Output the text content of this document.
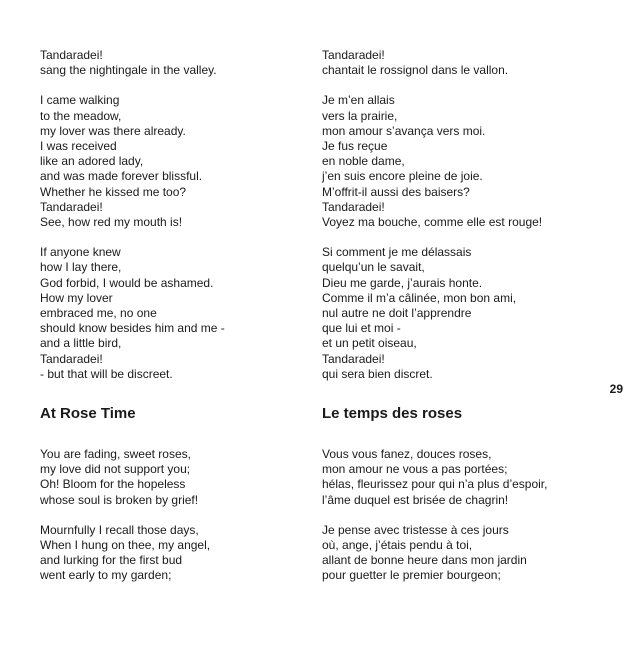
Tandaradei!
sang the nightingale in the valley.
I came walking
to the meadow,
my lover was there already.
I was received
like an adored lady,
and was made forever blissful.
Whether he kissed me too?
Tandaradei!
See, how red my mouth is!
If anyone knew
how I lay there,
God forbid, I would be ashamed.
How my lover
embraced me, no one
should know besides him and me -
and a little bird,
Tandaradei!
- but that will be discreet.
At Rose Time
You are fading, sweet roses,
my love did not support you;
Oh! Bloom for the hopeless
whose soul is broken by grief!
Mournfully I recall those days,
When I hung on thee, my angel,
and lurking for the first bud
went early to my garden;
Tandaradei!
chantait le rossignol dans le vallon.
Je m’en allais
vers la prairie,
mon amour s’avança vers moi.
Je fus reçue
en noble dame,
j’en suis encore pleine de joie.
M’offrit-il aussi des baisers?
Tandaradei!
Voyez ma bouche, comme elle est rouge!
Si comment je me délassais
quelqu’un le savait,
Dieu me garde, j’aurais honte.
Comme il m’a câlinée, mon bon ami,
nul autre ne doit l’apprendre
que lui et moi -
et un petit oiseau,
Tandaradei!
qui sera bien discret.
Le temps des roses
Vous vous fanez, douces roses,
mon amour ne vous a pas portées;
hélas, fleurissez pour qui n’a plus d’espoir,
l’âme duquel est brisée de chagrin!
Je pense avec tristesse à ces jours
où, ange, j’étais pendu à toi,
allant de bonne heure dans mon jardin
pour guetter le premier bourgeon;
29
